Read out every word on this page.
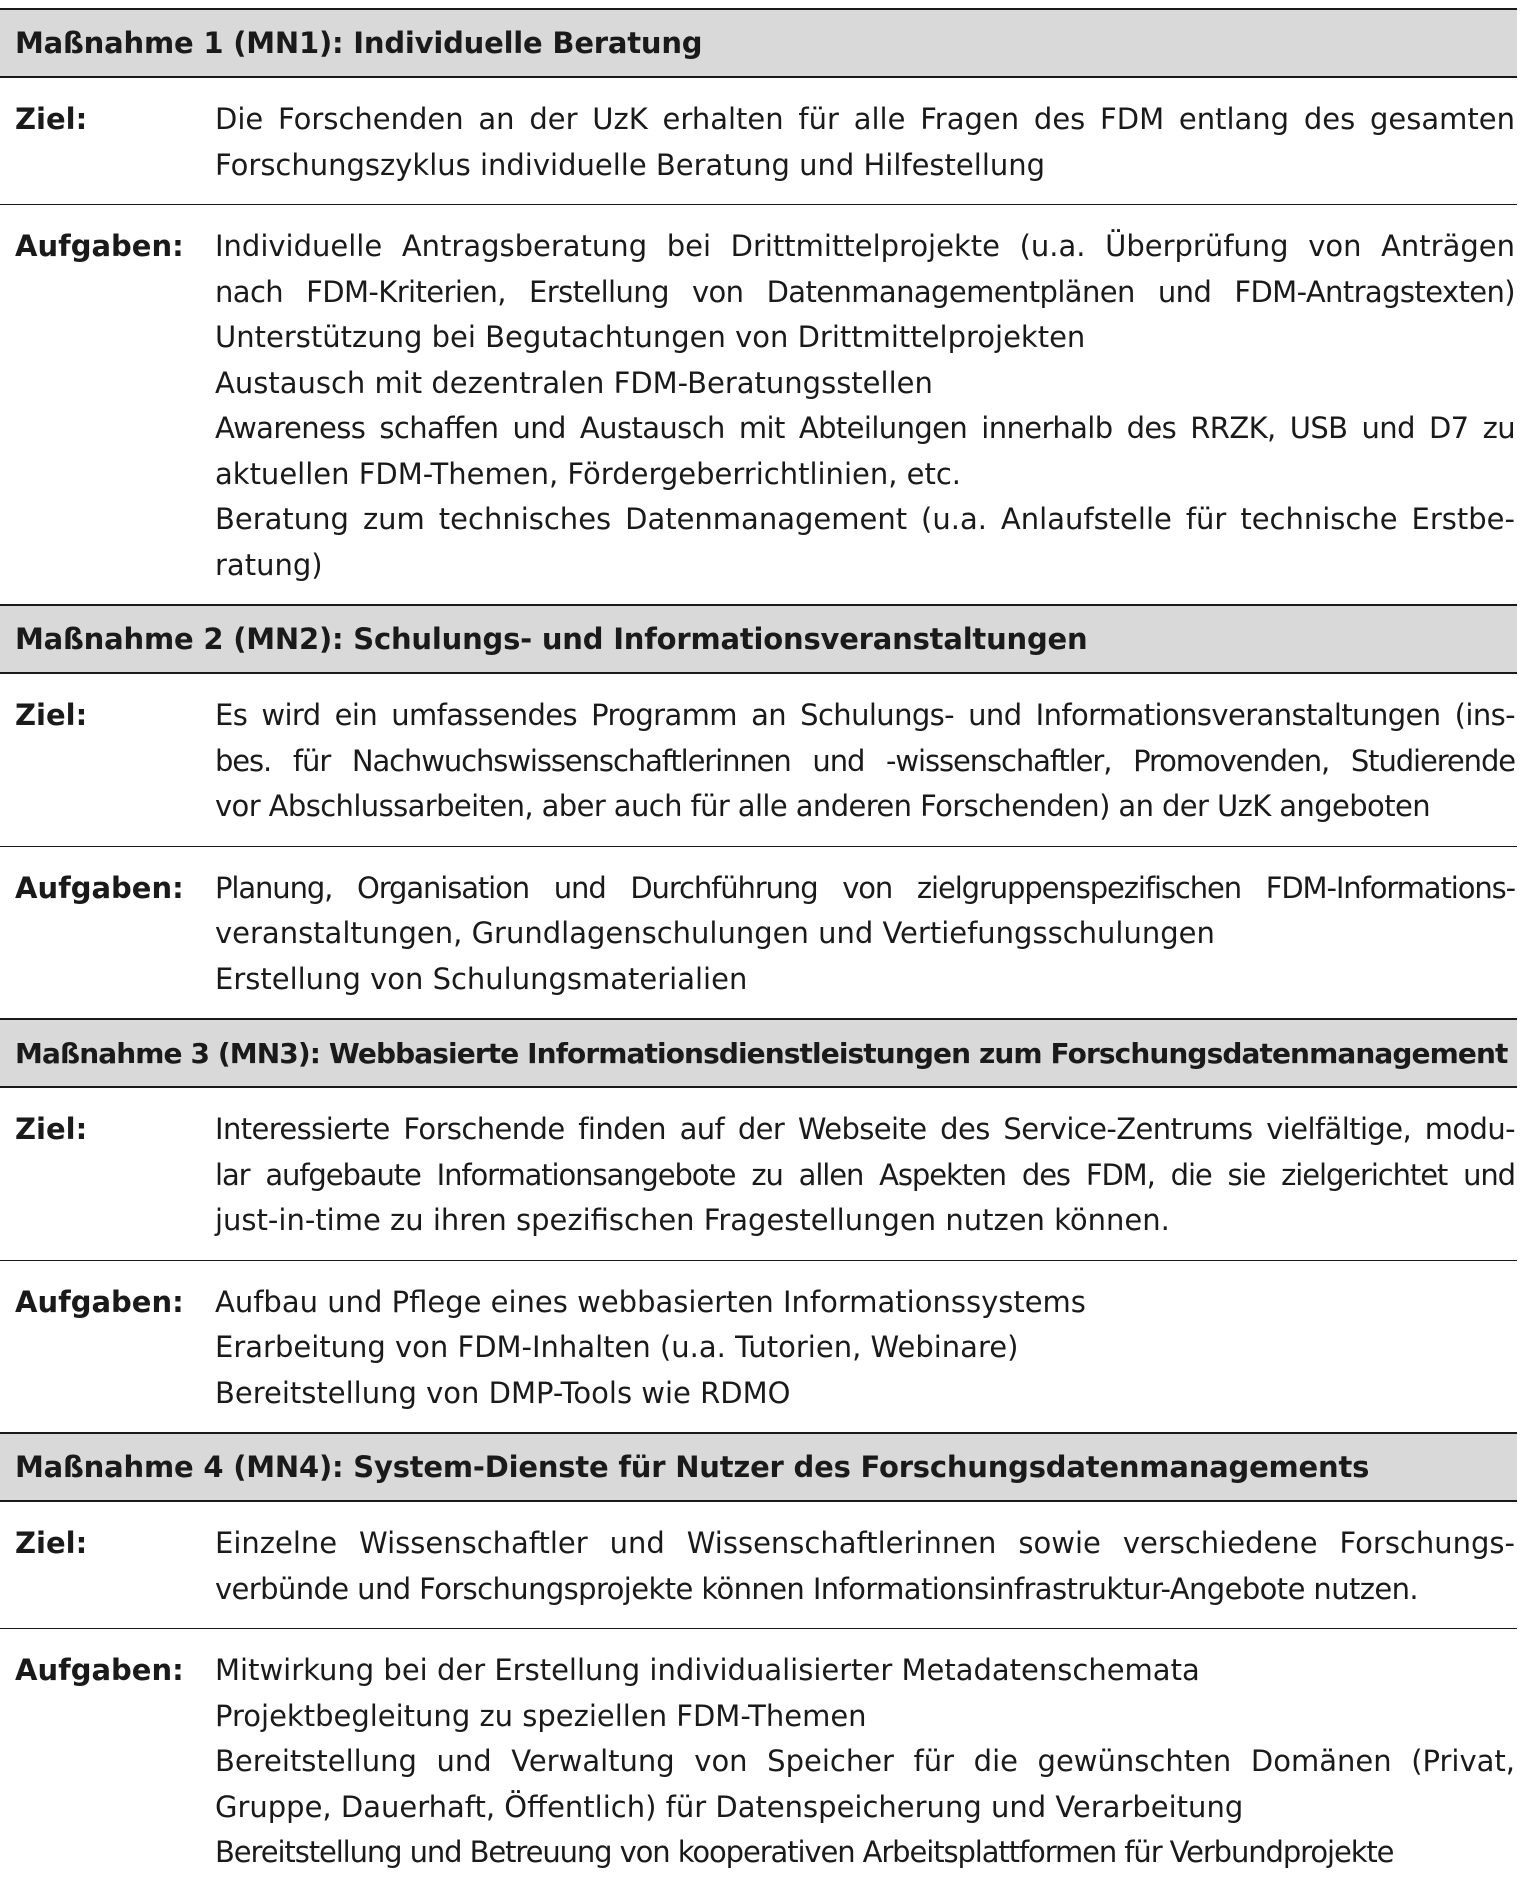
Maßnahme 1 (MN1): Individuelle Beratung
Ziel:	Die Forschenden an der UzK erhalten für alle Fragen des FDM entlang des gesamten
Forschungszyklus individuelle Beratung und Hilfestellung
Aufgaben:	Individuelle Antragsberatung bei Drittmittelprojekte (u.a. Überprüfung von Anträgen
nach FDM-Kriterien, Erstellung von Datenmanagementplänen und FDM-Antragstexten)
Unterstützung bei Begutachtungen von Drittmittelprojekten
Austausch mit dezentralen FDM-Beratungsstellen
Awareness schaffen und Austausch mit Abteilungen innerhalb des RRZK, USB und D7 zu
aktuellen FDM-Themen, Fördergeberrichtlinien, etc.
Beratung zum technisches Datenmanagement (u.a. Anlaufstelle für technische Erstbe-
ratung)
Maßnahme 2 (MN2): Schulungs- und Informationsveranstaltungen
Ziel:	Es wird ein umfassendes Programm an Schulungs- und Informationsveranstaltungen (ins-
bes. für Nachwuchswissenschaftlerinnen und -wissenschaftler, Promovenden, Studierende
vor Abschlussarbeiten, aber auch für alle anderen Forschenden) an der UzK angeboten
Aufgaben:	Planung, Organisation und Durchführung von zielgruppenspezifischen FDM-Informations-
veranstaltungen, Grundlagenschulungen und Vertiefungsschulungen
Erstellung von Schulungsmaterialien
Maßnahme 3 (MN3): Webbasierte Informationsdienstleistungen zum Forschungsdatenmanagement
Ziel:	Interessierte Forschende finden auf der Webseite des Service-Zentrums vielfältige, modu-
lar aufgebaute Informationsangebote zu allen Aspekten des FDM, die sie zielgerichtet und
just-in-time zu ihren spezifischen Fragestellungen nutzen können.
Aufgaben:	Aufbau und Pflege eines webbasierten Informationssystems
Erarbeitung von FDM-Inhalten (u.a. Tutorien, Webinare)
Bereitstellung von DMP-Tools wie RDMO
Maßnahme 4 (MN4): System-Dienste für Nutzer des Forschungsdatenmanagements
Ziel:	Einzelne Wissenschaftler und Wissenschaftlerinnen sowie verschiedene Forschungs-
verbünde und Forschungsprojekte können Informationsinfrastruktur-Angebote nutzen.
Aufgaben:	Mitwirkung bei der Erstellung individualisierter Metadatenschemata
Projektbegleitung zu speziellen FDM-Themen
Bereitstellung und Verwaltung von Speicher für die gewünschten Domänen (Privat,
Gruppe, Dauerhaft, Öffentlich) für Datenspeicherung und Verarbeitung
Bereitstellung und Betreuung von kooperativen Arbeitsplattformen für Verbundprojekte
